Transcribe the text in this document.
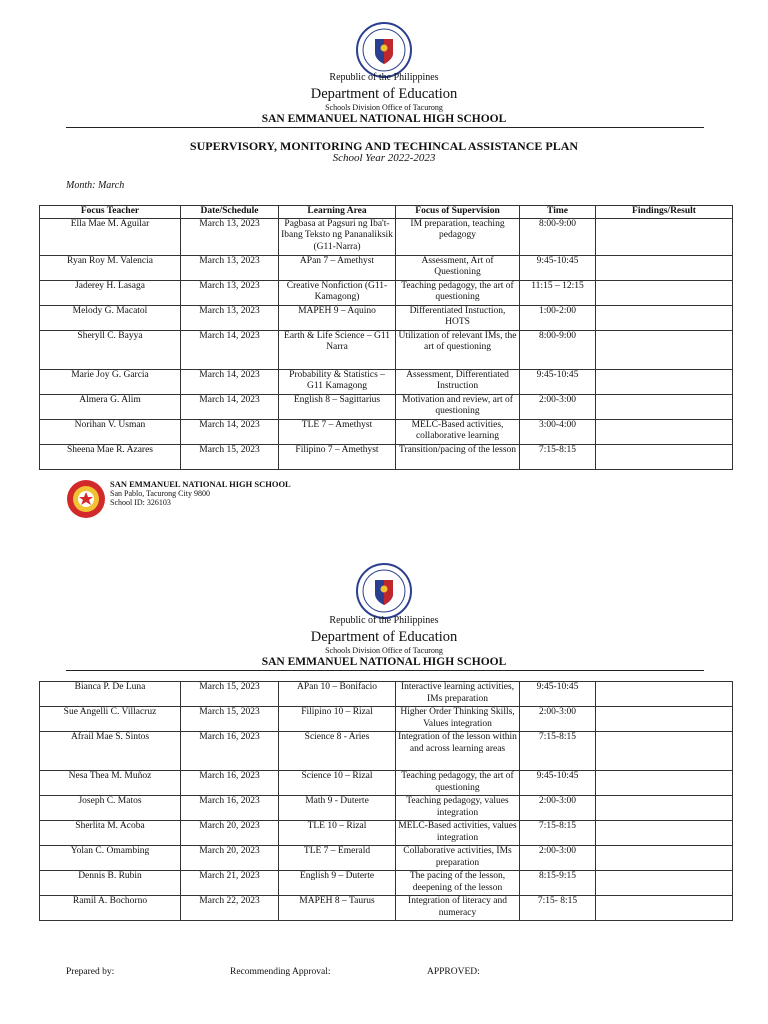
Republic of the Philippines
Department of Education
Schools Division Office of Tacurong
SAN EMMANUEL NATIONAL HIGH SCHOOL
SUPERVISORY, MONITORING AND TECHINCAL ASSISTANCE PLAN
School Year 2022-2023
Month: March
Focus Teacher	Date/Schedule	Learning Area	Focus of Supervision	Time	Findings/Result
Ella Mae M. Aguilar	March 13, 2023	Pagbasa at Pagsuri ng Iba't-Ibang Teksto ng Pananaliksik (G11-Narra)	IM preparation, teaching pedagogy	8:00-9:00	
Ryan Roy M. Valencia	March 13, 2023	APan 7 – Amethyst	Assessment, Art of Questioning	9:45-10:45	
Jaderey H. Lasaga	March 13, 2023	Creative Nonfiction (G11-Kamagong)	Teaching pedagogy, the art of questioning	11:15 – 12:15	
Melody G. Macatol	March 13, 2023	MAPEH 9 – Aquino	Differentiated Instuction, HOTS	1:00-2:00	
Sheryll C. Bayya	March 14, 2023	Earth & Life Science – G11 Narra	Utilization of relevant IMs, the art of questioning	8:00-9:00	
Marie Joy G. Garcia	March 14, 2023	Probability & Statistics – G11 Kamagong	Assessment, Differentiated Instruction	9:45-10:45	
Almera G. Alim	March 14, 2023	English 8 – Sagittarius	Motivation and review, art of questioning	2:00-3:00	
Norihan V. Usman	March 14, 2023	TLE 7 – Amethyst	MELC-Based activities, collaborative learning	3:00-4:00	
Sheena Mae R. Azares	March 15, 2023	Filipino 7 – Amethyst	Transition/pacing of the lesson	7:15-8:15	
SAN EMMANUEL NATIONAL HIGH SCHOOL
San Pablo, Tacurong City 9800
School ID: 326103
Republic of the Philippines
Department of Education
Schools Division Office of Tacurong
SAN EMMANUEL NATIONAL HIGH SCHOOL
Bianca P. De Luna	March 15, 2023	APan 10 – Bonifacio	Interactive learning activities, IMs preparation	9:45-10:45	
Sue Angelli C. Villacruz	March 15, 2023	Filipino 10 – Rizal	Higher Order Thinking Skills, Values integration	2:00-3:00	
Afrail Mae S. Sintos	March 16, 2023	Science 8 - Aries	Integration of the lesson within and across learning areas	7:15-8:15	
Nesa Thea M. Muñoz	March 16, 2023	Science 10 – Rizal	Teaching pedagogy, the art of questioning	9:45-10:45	
Joseph C. Matos	March 16, 2023	Math 9 - Duterte	Teaching pedagogy, values integration	2:00-3:00	
Sherlita M. Acoba	March 20, 2023	TLE 10 – Rizal	MELC-Based activities, values integration	7:15-8:15	
Yolan C. Omambing	March 20, 2023	TLE 7 – Emerald	Collaborative activities, IMs preparation	2:00-3:00	
Dennis B. Rubin	March 21, 2023	English 9 – Duterte	The pacing of the lesson, deepening of the lesson	8:15-9:15	
Ramil A. Bochorno	March 22, 2023	MAPEH 8 – Taurus	Integration of literacy and numeracy	7:15- 8:15	
Prepared by:	Recommending Approval:	APPROVED:
